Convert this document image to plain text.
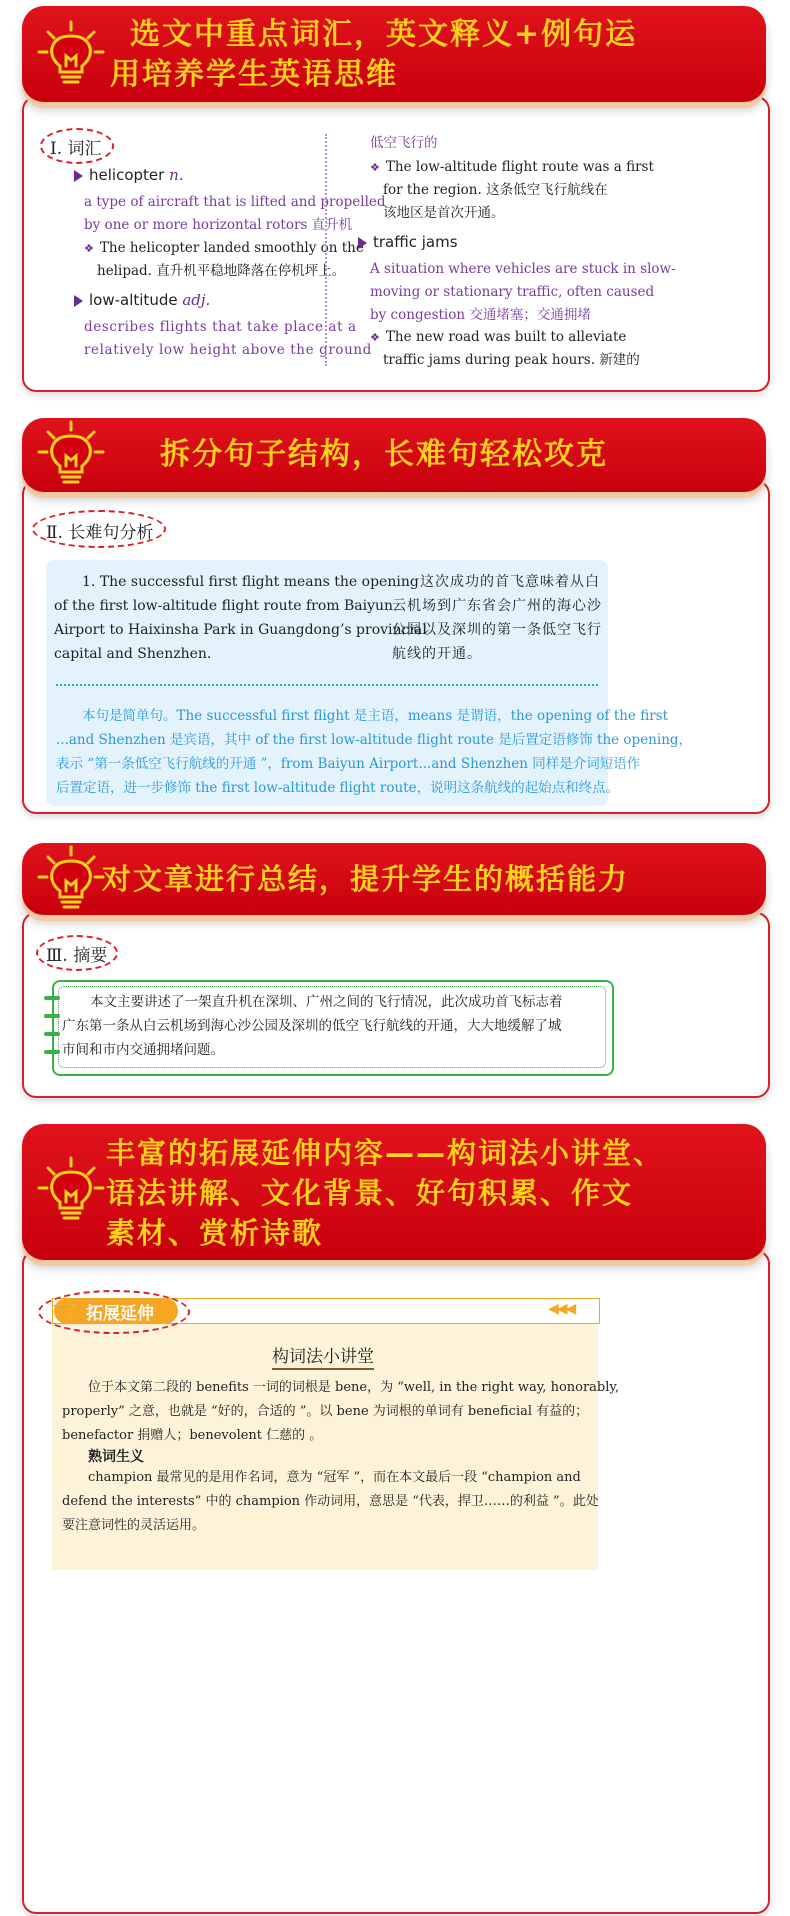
选文中重点词汇，英文释义+例句运
用培养学生英语思维
I. 词汇
helicopter n.
a type of aircraft that is lifted and propelled
by one or more horizontal rotors 直升机
❖ The helicopter landed smoothly on the
helipad. 直升机平稳地降落在停机坪上。
low-altitude adj.
describes flights that take place at a
relatively low height above the ground
低空飞行的
❖ The low-altitude flight route was a first
for the region. 这条低空飞行航线在
该地区是首次开通。
traffic jams
A situation where vehicles are stuck in slow-
moving or stationary traffic, often caused
by congestion 交通堵塞；交通拥堵
❖ The new road was built to alleviate
traffic jams during peak hours. 新建的
拆分句子结构，长难句轻松攻克
Ⅱ. 长难句分析
1. The successful first flight means the opening
of the first low-altitude flight route from Baiyun
Airport to Haixinsha Park in Guangdong’s provincial
capital and Shenzhen.
这次成功的首飞意味着从白
云机场到广东省会广州的海心沙
公园以及深圳的第一条低空飞行
航线的开通。
本句是简单句。The successful first flight 是主语，means 是谓语，the opening of the first
...and Shenzhen 是宾语，其中 of the first low-altitude flight route 是后置定语修饰 the opening，
表示 “第一条低空飞行航线的开通 ”，from Baiyun Airport...and Shenzhen 同样是介词短语作
后置定语，进一步修饰 the first low-altitude flight route，说明这条航线的起始点和终点。
对文章进行总结，提升学生的概括能力
Ⅲ. 摘要
本文主要讲述了一架直升机在深圳、广州之间的飞行情况，此次成功首飞标志着
广东第一条从白云机场到海心沙公园及深圳的低空飞行航线的开通，大大地缓解了城
市间和市内交通拥堵问题。
丰富的拓展延伸内容——构词法小讲堂、
语法讲解、文化背景、好句积累、作文
素材、赏析诗歌
◀◀◀
★ 拓展延伸
构词法小讲堂
位于本文第二段的 benefits 一词的词根是 bene，为 “well, in the right way, honorably,
properly” 之意，也就是 “好的，合适的 ”。以 bene 为词根的单词有 beneficial 有益的；
benefactor 捐赠人；benevolent 仁慈的 。
熟词生义
champion 最常见的是用作名词，意为 “冠军 ”，而在本文最后一段 “champion and
defend the interests” 中的 champion 作动词用，意思是 “代表，捍卫……的利益 ”。此处
要注意词性的灵活运用。
